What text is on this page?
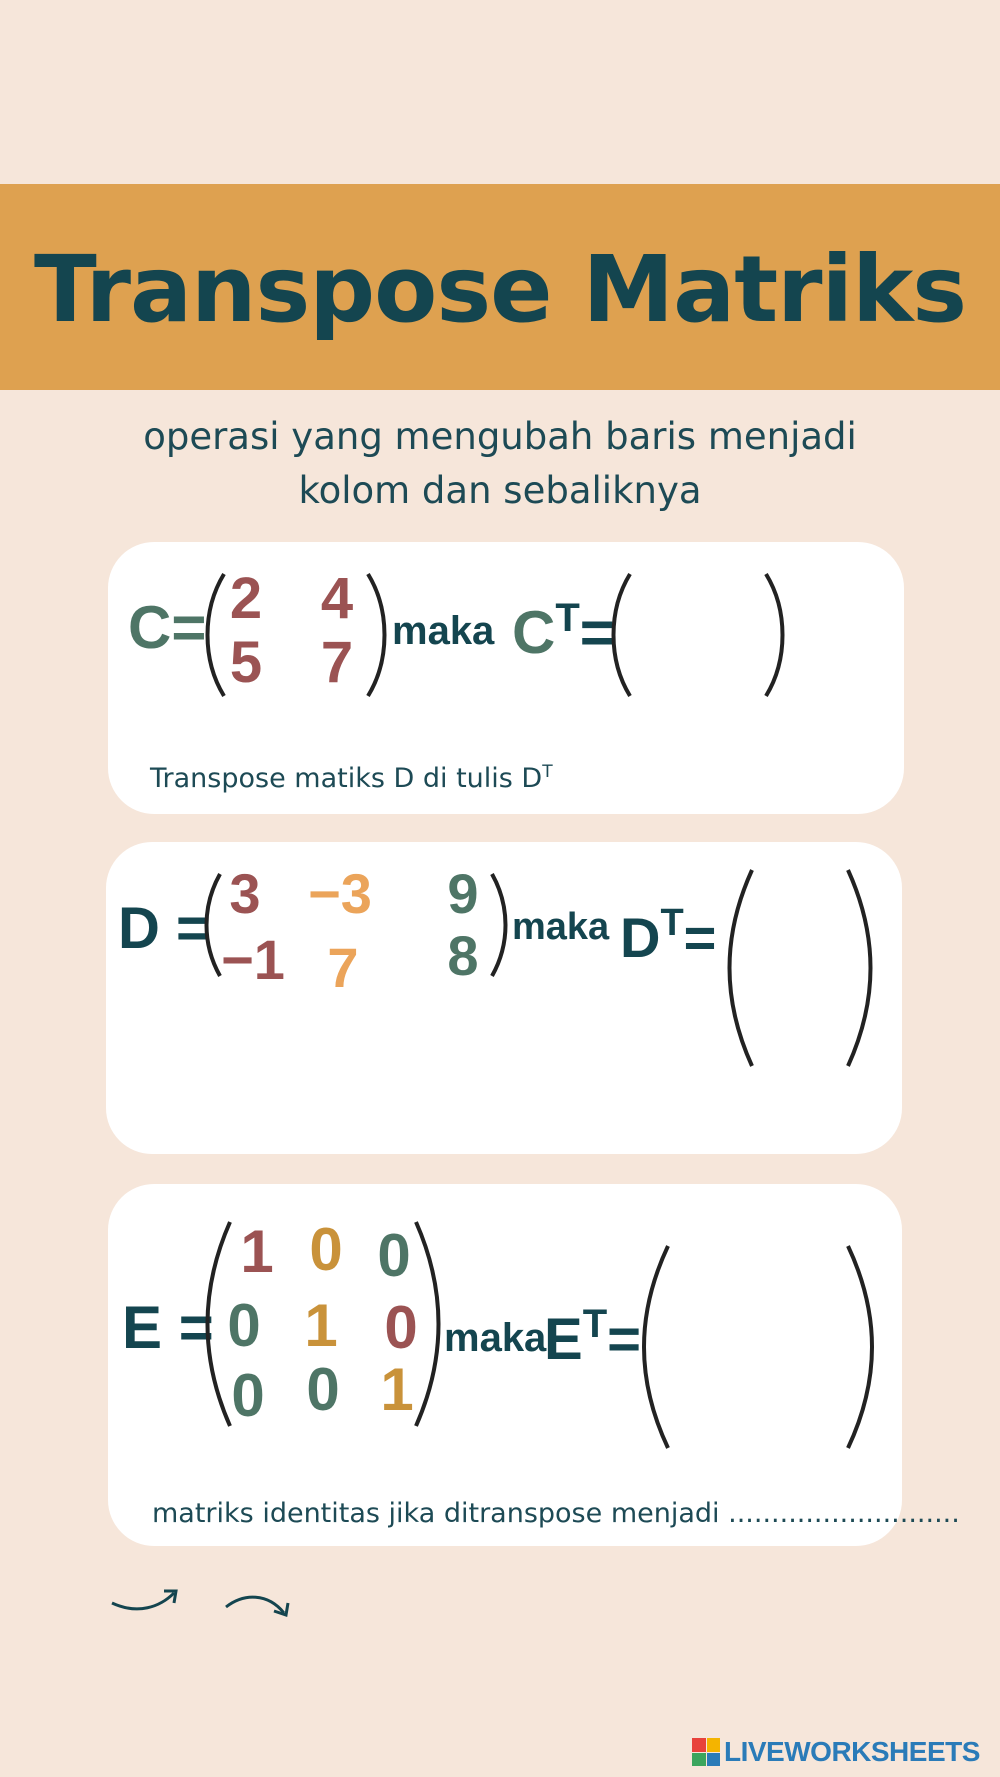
Transpose Matriks
operasi yang mengubah baris menjadi
kolom dan sebaliknya
C= 2	4
5	7 maka $C^T=$
Transpose matiks D di tulis $D^T$
D =
3 −3	9
−1 7	8 maka $D^T=$
E =
1 0 0
0 1 0
0 0 1
maka
$E^T=$
matriks identitas jika ditranspose menjadi ...........................
LIVEWORKSHEETS
